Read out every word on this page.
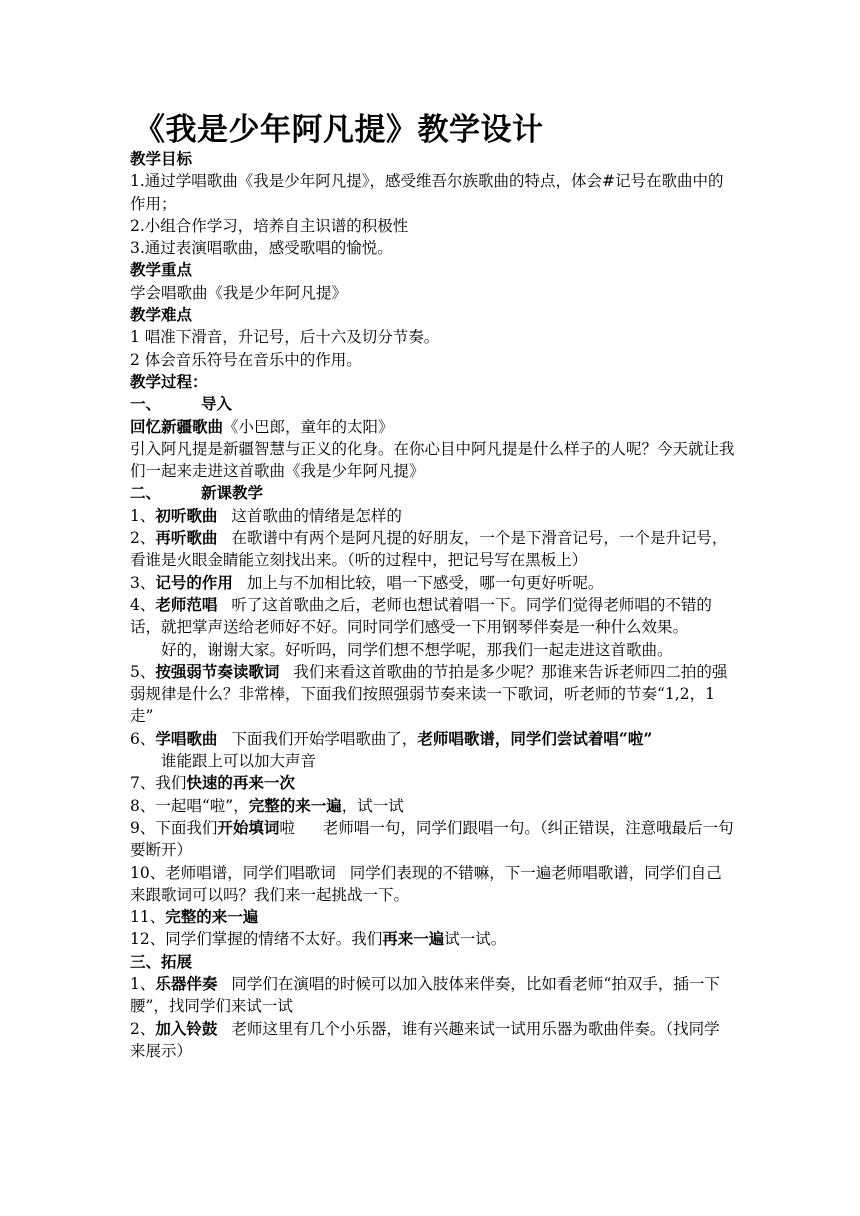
《我是少年阿凡提》教学设计
教学目标
1.通过学唱歌曲《我是少年阿凡提》，感受维吾尔族歌曲的特点，体会#记号在歌曲中的作用；
2.小组合作学习，培养自主识谱的积极性
3.通过表演唱歌曲，感受歌唱的愉悦。
教学重点
学会唱歌曲《我是少年阿凡提》
教学难点
1 唱准下滑音，升记号，后十六及切分节奏。
2 体会音乐符号在音乐中的作用。
教学过程：
一、	导入
回忆新疆歌曲《小巴郎，童年的太阳》
引入阿凡提是新疆智慧与正义的化身。在你心目中阿凡提是什么样子的人呢？今天就让我们一起来走进这首歌曲《我是少年阿凡提》
二、	新课教学
1、初听歌曲 这首歌曲的情绪是怎样的
2、再听歌曲 在歌谱中有两个是阿凡提的好朋友，一个是下滑音记号，一个是升记号，看谁是火眼金睛能立刻找出来。（听的过程中，把记号写在黑板上）
3、记号的作用 加上与不加相比较，唱一下感受，哪一句更好听呢。
4、老师范唱 听了这首歌曲之后，老师也想试着唱一下。同学们觉得老师唱的不错的话，就把掌声送给老师好不好。同时同学们感受一下用钢琴伴奏是一种什么效果。
好的，谢谢大家。好听吗，同学们想不想学呢，那我们一起走进这首歌曲。
5、按强弱节奏读歌词 我们来看这首歌曲的节拍是多少呢？那谁来告诉老师四二拍的强弱规律是什么？非常棒，下面我们按照强弱节奏来读一下歌词，听老师的节奏“1,2，1 走”
6、学唱歌曲 下面我们开始学唱歌曲了，老师唱歌谱，同学们尝试着唱“啦”
谁能跟上可以加大声音
7、我们快速的再来一次
8、一起唱“啦”，完整的来一遍，试一试
9、下面我们开始填词啦 老师唱一句，同学们跟唱一句。（纠正错误，注意哦最后一句要断开）
10、老师唱谱，同学们唱歌词 同学们表现的不错嘛，下一遍老师唱歌谱，同学们自己来跟歌词可以吗？我们来一起挑战一下。
11、完整的来一遍
12、同学们掌握的情绪不太好。我们再来一遍试一试。
三、拓展
1、乐器伴奏 同学们在演唱的时候可以加入肢体来伴奏，比如看老师“拍双手，插一下腰”，找同学们来试一试
2、加入铃鼓 老师这里有几个小乐器，谁有兴趣来试一试用乐器为歌曲伴奏。（找同学来展示）
